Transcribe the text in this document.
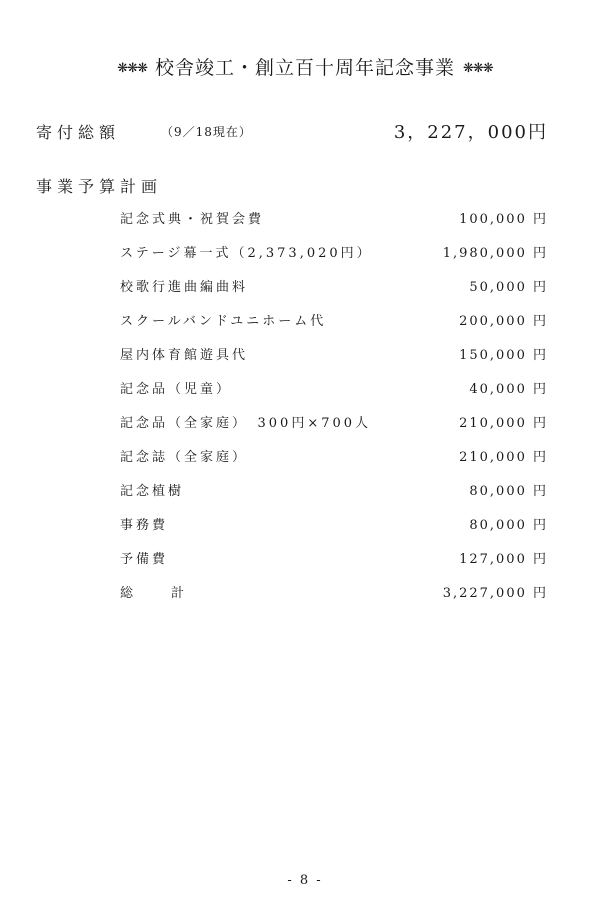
❋❋❋ 校舎竣工・創立百十周年記念事業 ❋❋❋
寄付総額	（9／18現在）	3，227，000円
事業予算計画
記念式典・祝賀会費	100,000 円
ステージ幕一式（2,373,020円）	1,980,000 円
校歌行進曲編曲料	50,000 円
スクールバンドユニホーム代	200,000 円
屋内体育館遊具代	150,000 円
記念品（児童）	40,000 円
記念品（全家庭）　300円×700人	210,000 円
記念誌（全家庭）	210,000 円
記念植樹	80,000 円
事務費	80,000 円
予備費	127,000 円
総計	3,227,000 円
- 8 -
